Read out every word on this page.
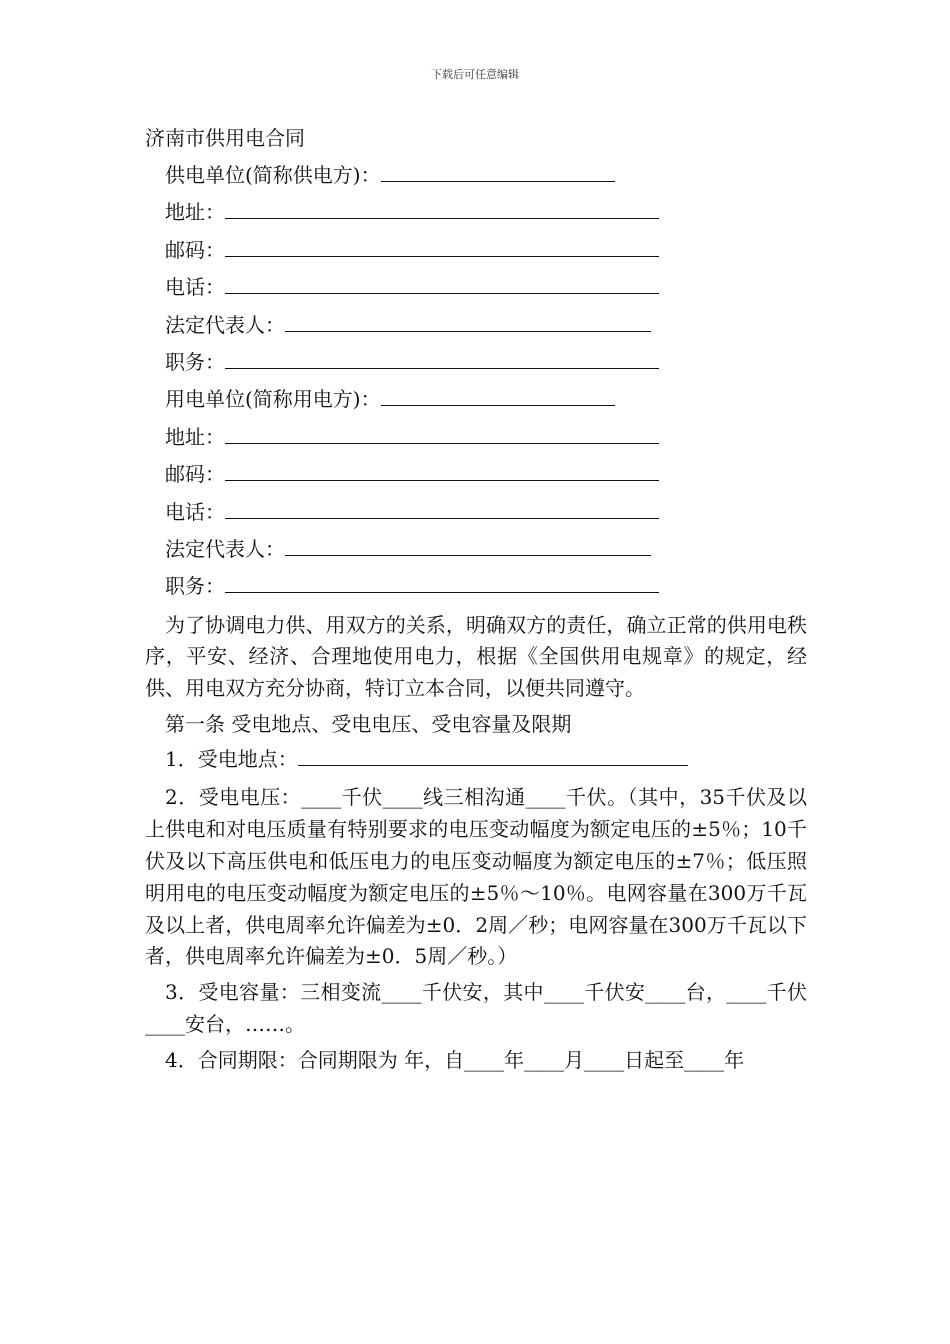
下载后可任意编辑
济南市供用电合同
供电单位(简称供电方)：
地址：
邮码：
电话：
法定代表人：
职务：
用电单位(简称用电方)：
地址：
邮码：
电话：
法定代表人：
职务：
为了协调电力供、用双方的关系，明确双方的责任，确立正常的供用电秩序，平安、经济、合理地使用电力，根据《全国供用电规章》的规定，经供、用电双方充分协商，特订立本合同，以便共同遵守。
第一条 受电地点、受电电压、受电容量及限期
1．受电地点：
2．受电电压：____千伏____线三相沟通____千伏。（其中，35千伏及以上供电和对电压质量有特别要求的电压变动幅度为额定电压的±5％；10千伏及以下高压供电和低压电力的电压变动幅度为额定电压的±7％；低压照明用电的电压变动幅度为额定电压的±5％～10％。电网容量在300万千瓦及以上者，供电周率允许偏差为±0．2周／秒；电网容量在300万千瓦以下者，供电周率允许偏差为±0．5周／秒。）
3．受电容量：三相变流____千伏安，其中____千伏安____台，____千伏____安台，……。
4．合同期限：合同期限为 年，自____年____月____日起至____年
